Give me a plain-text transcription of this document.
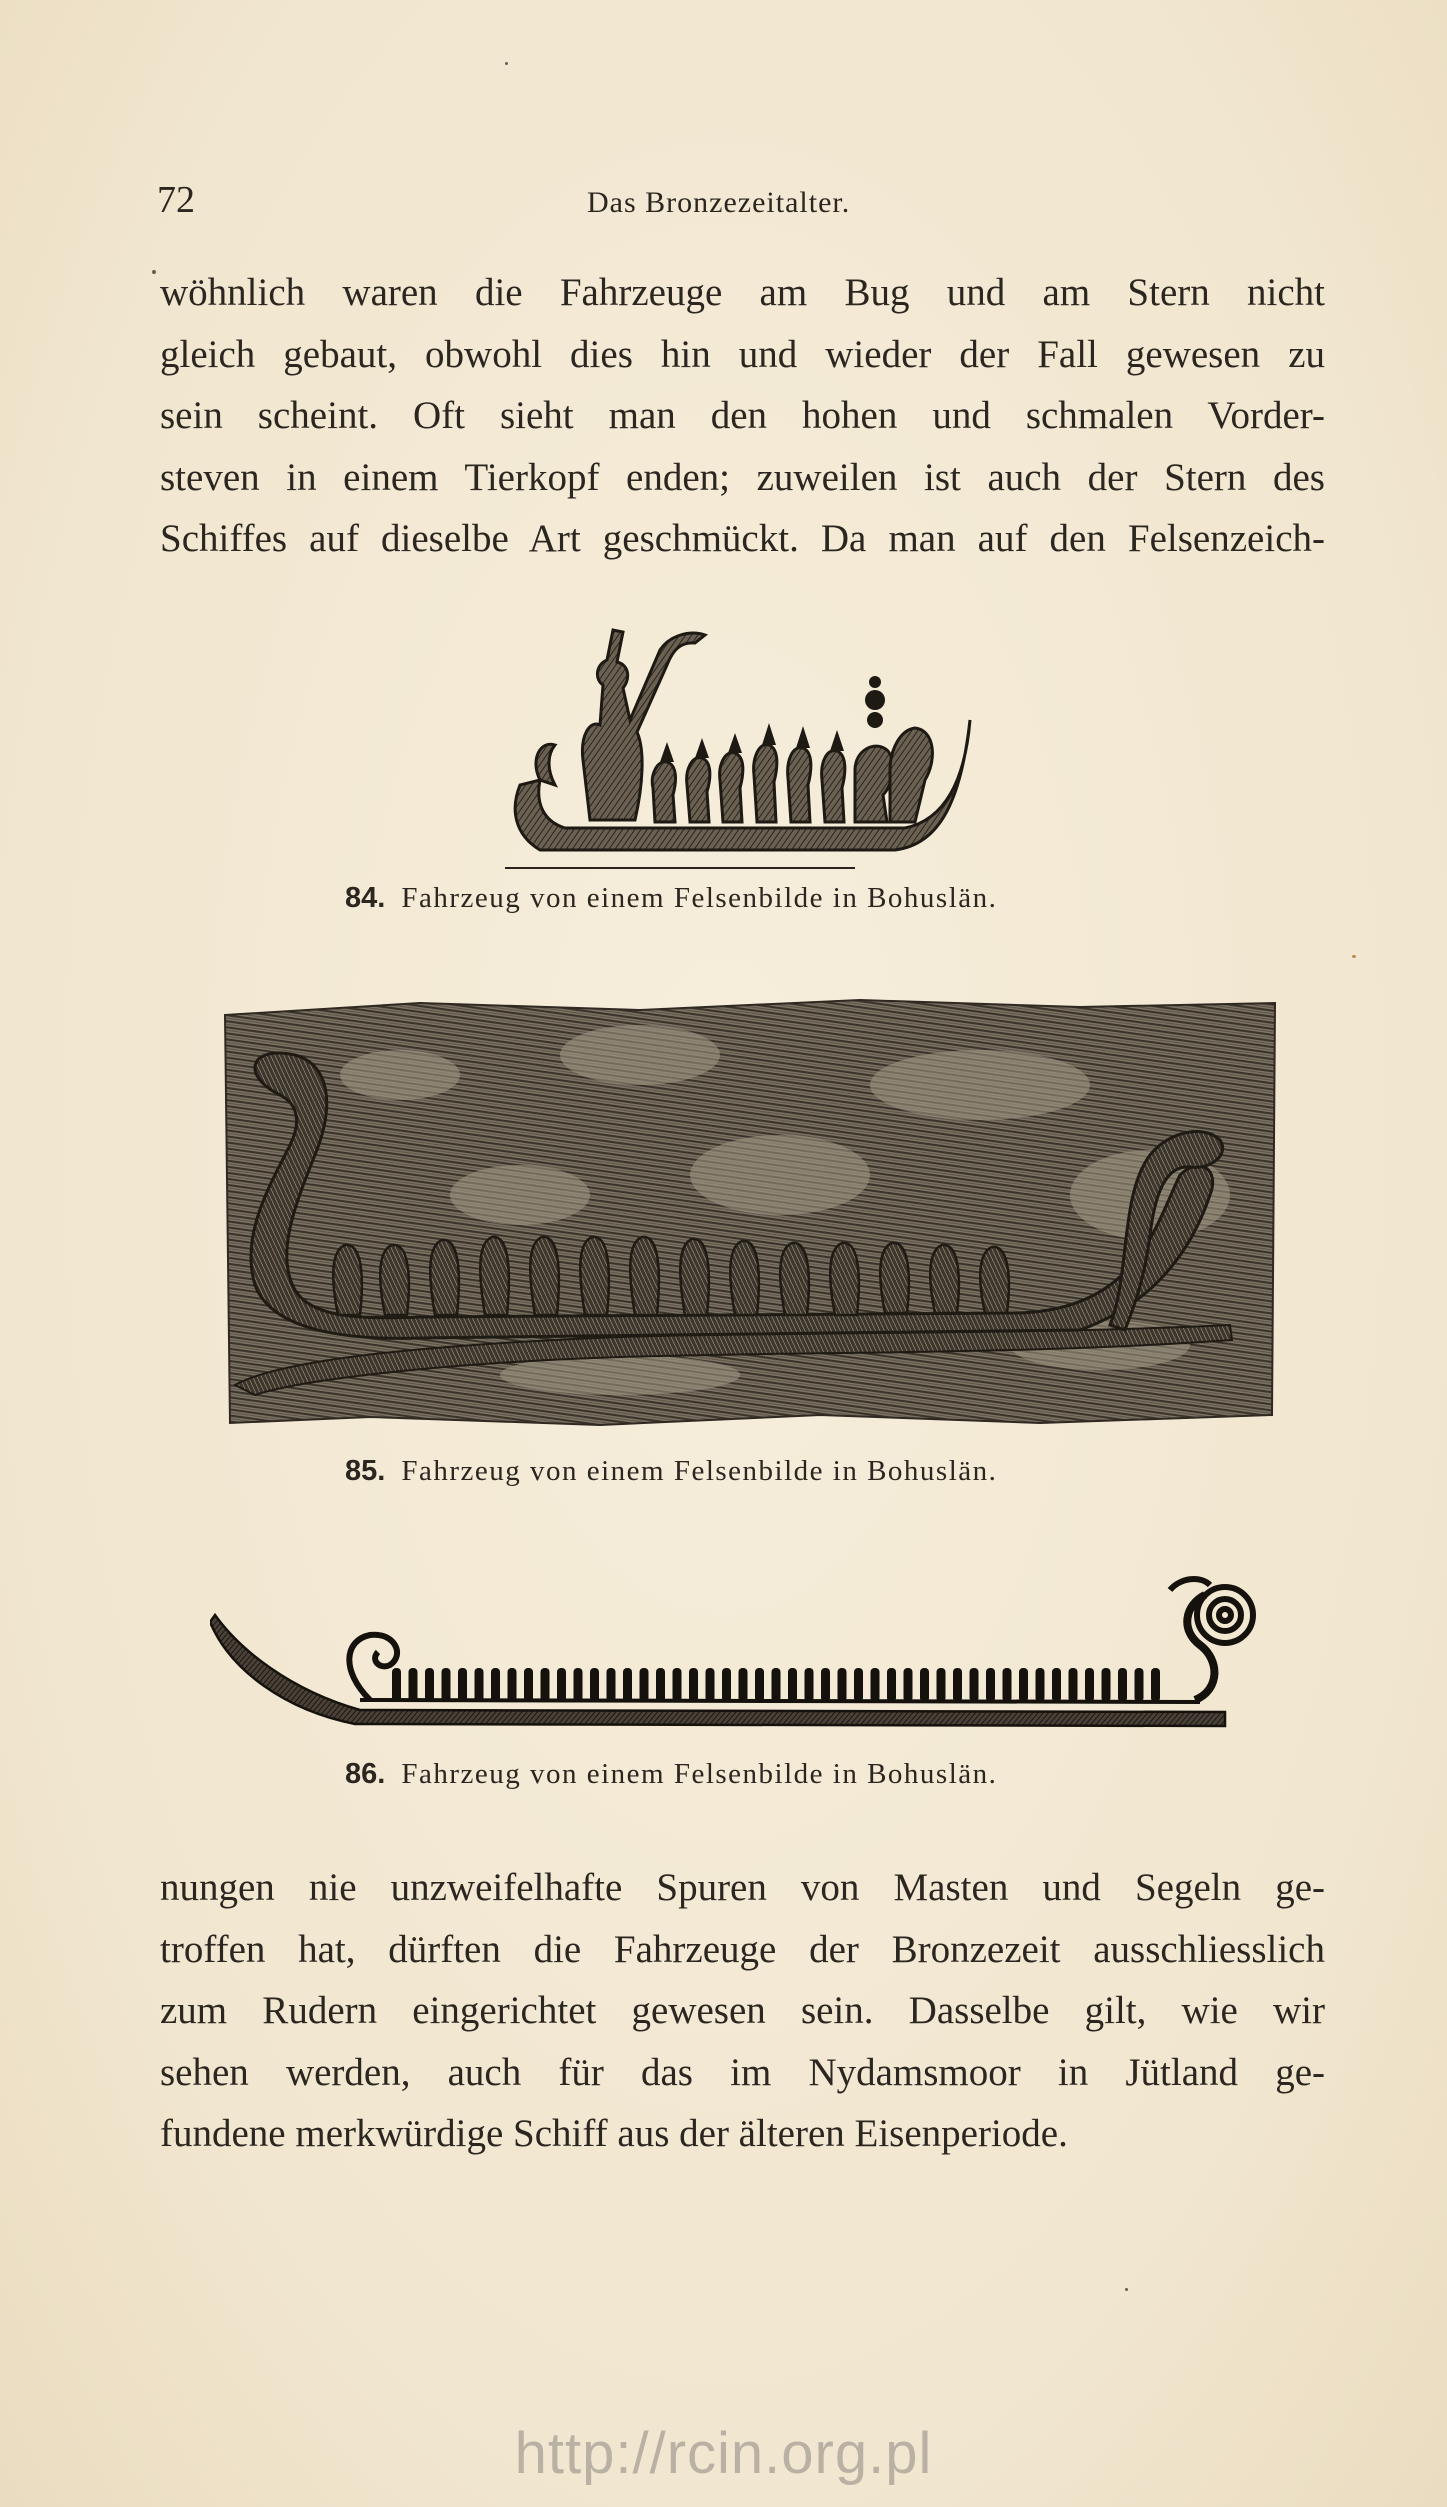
72	Das Bronzezeitalter.
wöhnlich waren die Fahrzeuge am Bug und am Stern nicht
gleich gebaut, obwohl dies hin und wieder der Fall gewesen zu
sein scheint. Oft sieht man den hohen und schmalen Vorder-
steven in einem Tierkopf enden; zuweilen ist auch der Stern des
Schiffes auf dieselbe Art geschmückt. Da man auf den Felsenzeich-
84. Fahrzeug von einem Felsenbilde in Bohuslän.
85. Fahrzeug von einem Felsenbilde in Bohuslän.
86. Fahrzeug von einem Felsenbilde in Bohuslän.
nungen nie unzweifelhafte Spuren von Masten und Segeln ge-
troffen hat, dürften die Fahrzeuge der Bronzezeit ausschliesslich
zum Rudern eingerichtet gewesen sein. Dasselbe gilt, wie wir
sehen werden, auch für das im Nydamsmoor in Jütland ge-
fundene merkwürdige Schiff aus der älteren Eisenperiode.
http://rcin.org.pl
